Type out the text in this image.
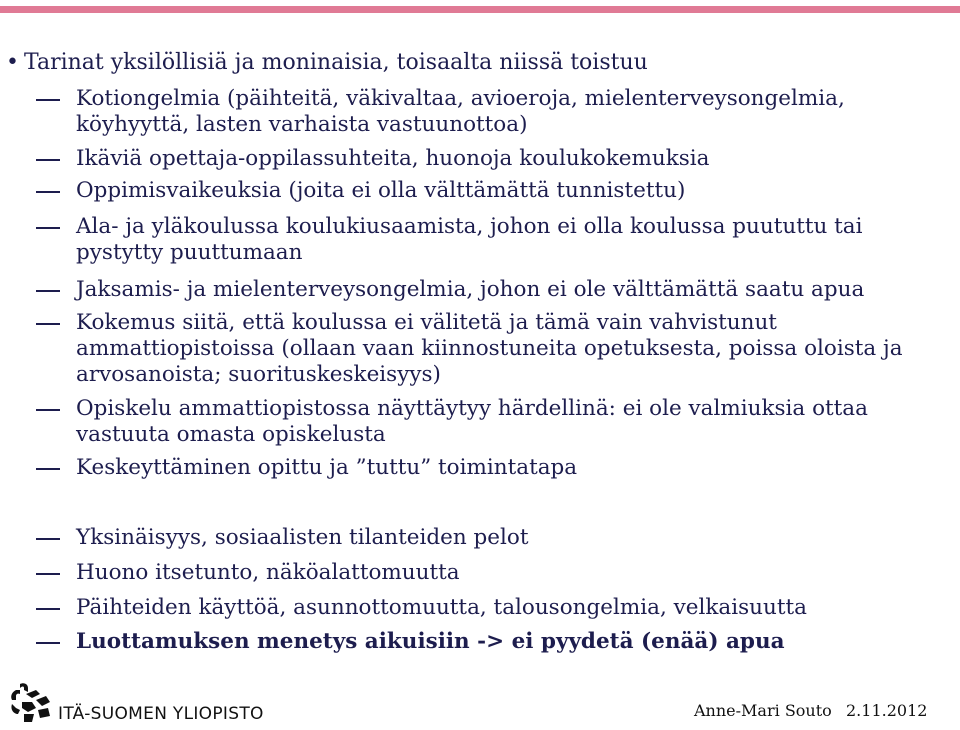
• Tarinat yksilöllisiä ja moninaisia, toisaalta niissä toistuu
Kotiongelmia (päihteitä, väkivaltaa, avioeroja, mielenterveysongelmia, köyhyyttä, lasten varhaista vastuunottoa)
Ikäviä opettaja-oppilassuhteita, huonoja koulukokemuksia
Oppimisvaikeuksia (joita ei olla välttämättä tunnistettu)
Ala- ja yläkoulussa koulukiusaamista, johon ei olla koulussa puututtu tai pystytty puuttumaan
Jaksamis- ja mielenterveysongelmia, johon ei ole välttämättä saatu apua
Kokemus siitä, että koulussa ei välitetä ja tämä vain vahvistunut ammattiopistoissa (ollaan vaan kiinnostuneita opetuksesta, poissa oloista ja arvosanoista; suorituskeskeisyys)
Opiskelu ammattiopistossa näyttäytyy härdellinä: ei ole valmiuksia ottaa vastuuta omasta opiskelusta
Keskeyttäminen opittu ja ”tuttu” toimintatapa
Yksinäisyys, sosiaalisten tilanteiden pelot
Huono itsetunto, näköalattomuutta
Päihteiden käyttöä, asunnottomuutta, talousongelmia, velkaisuutta
Luottamuksen menetys aikuisiin -> ei pyydetä (enää) apua
ITÄ-SUOMEN YLIOPISTO	Anne-Mari Souto 2.11.2012
